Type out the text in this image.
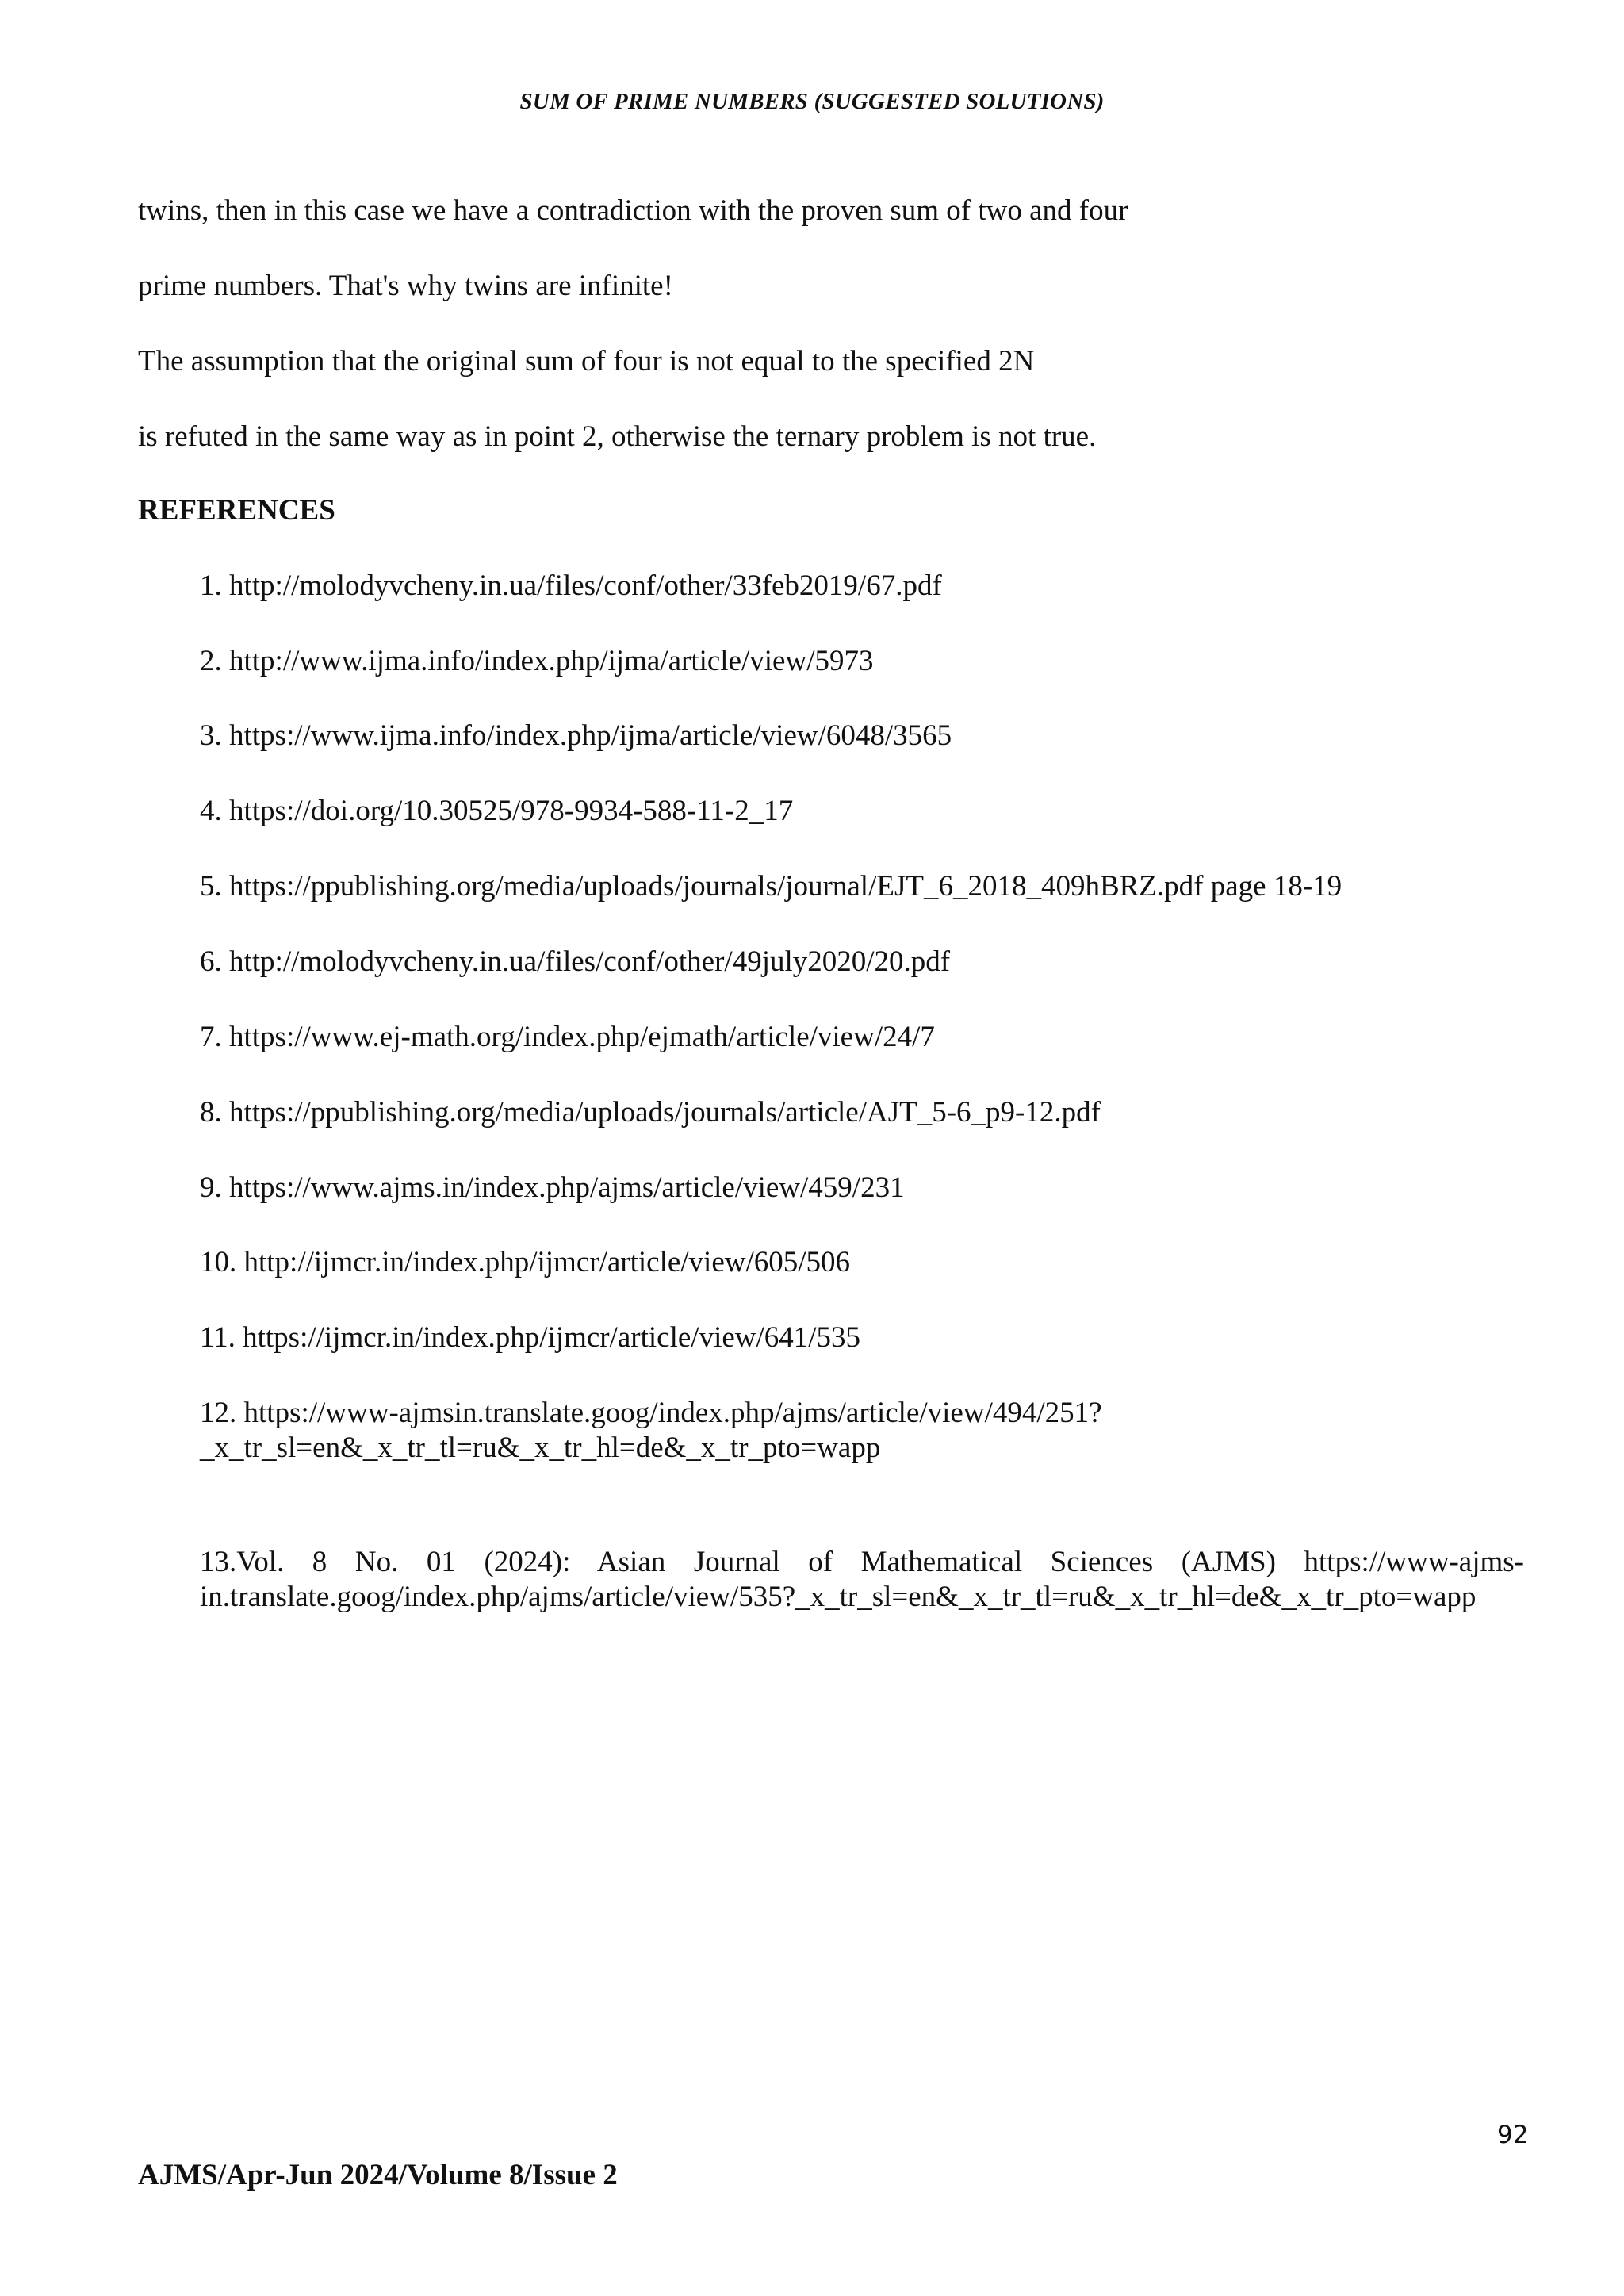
SUM OF PRIME NUMBERS (SUGGESTED SOLUTIONS)
twins, then in this case we have a contradiction with the proven sum of two and four
prime numbers. That's why twins are infinite!
The assumption that the original sum of four is not equal to the specified 2N
is refuted in the same way as in point 2, otherwise the ternary problem is not true.
REFERENCES
1. http://molodyvcheny.in.ua/files/conf/other/33feb2019/67.pdf
2. http://www.ijma.info/index.php/ijma/article/view/5973
3. https://www.ijma.info/index.php/ijma/article/view/6048/3565
4. https://doi.org/10.30525/978-9934-588-11-2_17
5. https://ppublishing.org/media/uploads/journals/journal/EJT_6_2018_409hBRZ.pdf page 18-19
6. http://molodyvcheny.in.ua/files/conf/other/49july2020/20.pdf
7. https://www.ej-math.org/index.php/ejmath/article/view/24/7
8. https://ppublishing.org/media/uploads/journals/article/AJT_5-6_p9-12.pdf
9. https://www.ajms.in/index.php/ajms/article/view/459/231
10. http://ijmcr.in/index.php/ijmcr/article/view/605/506
11. https://ijmcr.in/index.php/ijmcr/article/view/641/535
12. https://www-ajmsin.translate.goog/index.php/ajms/article/view/494/251?_x_tr_sl=en&_x_tr_tl=ru&_x_tr_hl=de&_x_tr_pto=wapp
13.Vol. 8 No. 01 (2024): Asian Journal of Mathematical Sciences (AJMS) https://www-ajms-in.translate.goog/index.php/ajms/article/view/535?_x_tr_sl=en&_x_tr_tl=ru&_x_tr_hl=de&_x_tr_pto=wapp
92
AJMS/Apr-Jun 2024/Volume 8/Issue 2
